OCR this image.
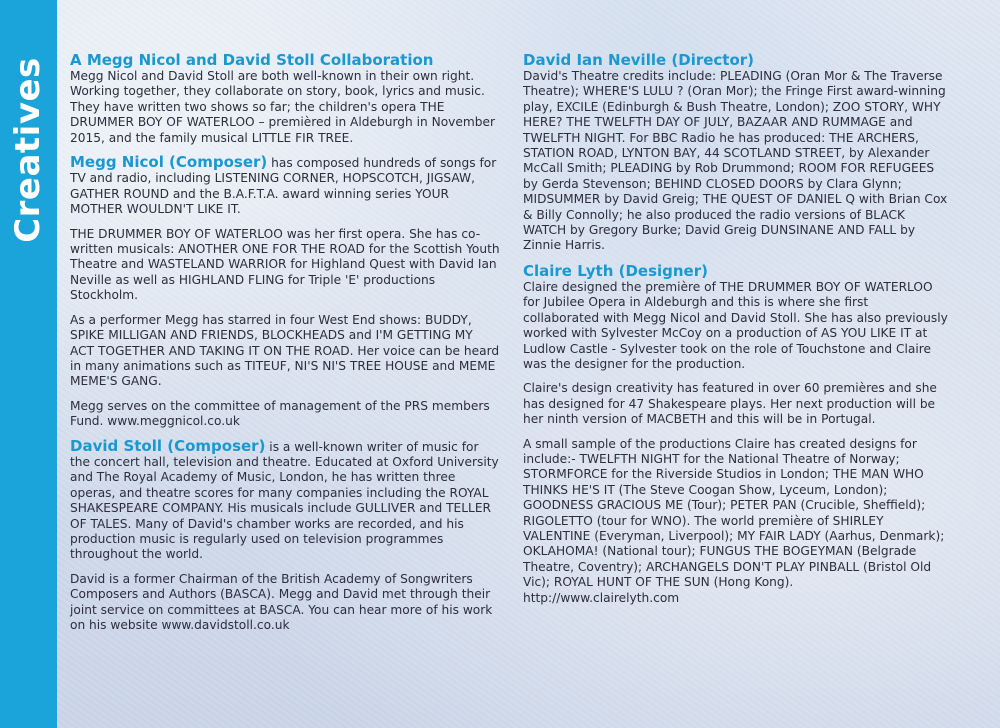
Creatives A Megg Nicol and David Stoll Collaboration

Megg Nicol and David Stoll are both well-known in their own right. Working together, they collaborate on story, book, lyrics and music. They have written two shows so far; the children's opera THE DRUMMER BOY OF WATERLOO – premièred in Aldeburgh in November 2015, and the family musical LITTLE FIR TREE.

Megg Nicol (Composer) has composed hundreds of songs for TV and radio, including LISTENING CORNER, HOPSCOTCH, JIGSAW, GATHER ROUND and the B.A.F.T.A. award winning series YOUR MOTHER WOULDN'T LIKE IT.

THE DRUMMER BOY OF WATERLOO was her first opera. She has co-written musicals: ANOTHER ONE FOR THE ROAD for the Scottish Youth Theatre and WASTELAND WARRIOR for Highland Quest with David Ian Neville as well as HIGHLAND FLING for Triple 'E' productions Stockholm.

As a performer Megg has starred in four West End shows: BUDDY, SPIKE MILLIGAN AND FRIENDS, BLOCKHEADS and I'M GETTING MY ACT TOGETHER AND TAKING IT ON THE ROAD. Her voice can be heard in many animations such as TITEUF, NI'S NI'S TREE HOUSE and MEME MEME'S GANG.

Megg serves on the committee of management of the PRS members Fund. www.meggnicol.co.uk

David Stoll (Composer) is a well-known writer of music for the concert hall, television and theatre. Educated at Oxford University and The Royal Academy of Music, London, he has written three operas, and theatre scores for many companies including the ROYAL SHAKESPEARE COMPANY. His musicals include GULLIVER and TELLER OF TALES. Many of David's chamber works are recorded, and his production music is regularly used on television programmes throughout the world.

David is a former Chairman of the British Academy of Songwriters Composers and Authors (BASCA). Megg and David met through their joint service on committees at BASCA. You can hear more of his work on his website www.davidstoll.co.uk

David Ian Neville (Director)

David's Theatre credits include: PLEADING (Oran Mor & The Traverse Theatre); WHERE'S LULU ? (Oran Mor); the Fringe First award-winning play, EXCILE (Edinburgh & Bush Theatre, London); ZOO STORY, WHY HERE? THE TWELFTH DAY OF JULY, BAZAAR AND RUMMAGE and TWELFTH NIGHT. For BBC Radio he has produced: THE ARCHERS, STATION ROAD, LYNTON BAY, 44 SCOTLAND STREET, by Alexander McCall Smith; PLEADING by Rob Drummond; ROOM FOR REFUGEES by Gerda Stevenson; BEHIND CLOSED DOORS by Clara Glynn; MIDSUMMER by David Greig; THE QUEST OF DANIEL Q with Brian Cox & Billy Connolly; he also produced the radio versions of BLACK WATCH by Gregory Burke; David Greig DUNSINANE AND FALL by Zinnie Harris.

Claire Lyth (Designer)

Claire designed the première of THE DRUMMER BOY OF WATERLOO for Jubilee Opera in Aldeburgh and this is where she first collaborated with Megg Nicol and David Stoll. She has also previously worked with Sylvester McCoy on a production of AS YOU LIKE IT at Ludlow Castle - Sylvester took on the role of Touchstone and Claire was the designer for the production.

Claire's design creativity has featured in over 60 premières and she has designed for 47 Shakespeare plays. Her next production will be her ninth version of MACBETH and this will be in Portugal.

A small sample of the productions Claire has created designs for include:- TWELFTH NIGHT for the National Theatre of Norway; STORMFORCE for the Riverside Studios in London; THE MAN WHO THINKS HE'S IT (The Steve Coogan Show, Lyceum, London); GOODNESS GRACIOUS ME (Tour); PETER PAN (Crucible, Sheffield); RIGOLETTO (tour for WNO). The world première of SHIRLEY VALENTINE (Everyman, Liverpool); MY FAIR LADY (Aarhus, Denmark); OKLAHOMA! (National tour); FUNGUS THE BOGEYMAN (Belgrade Theatre, Coventry); ARCHANGELS DON'T PLAY PINBALL (Bristol Old Vic); ROYAL HUNT OF THE SUN (Hong Kong). http://www.clairelyth.com
